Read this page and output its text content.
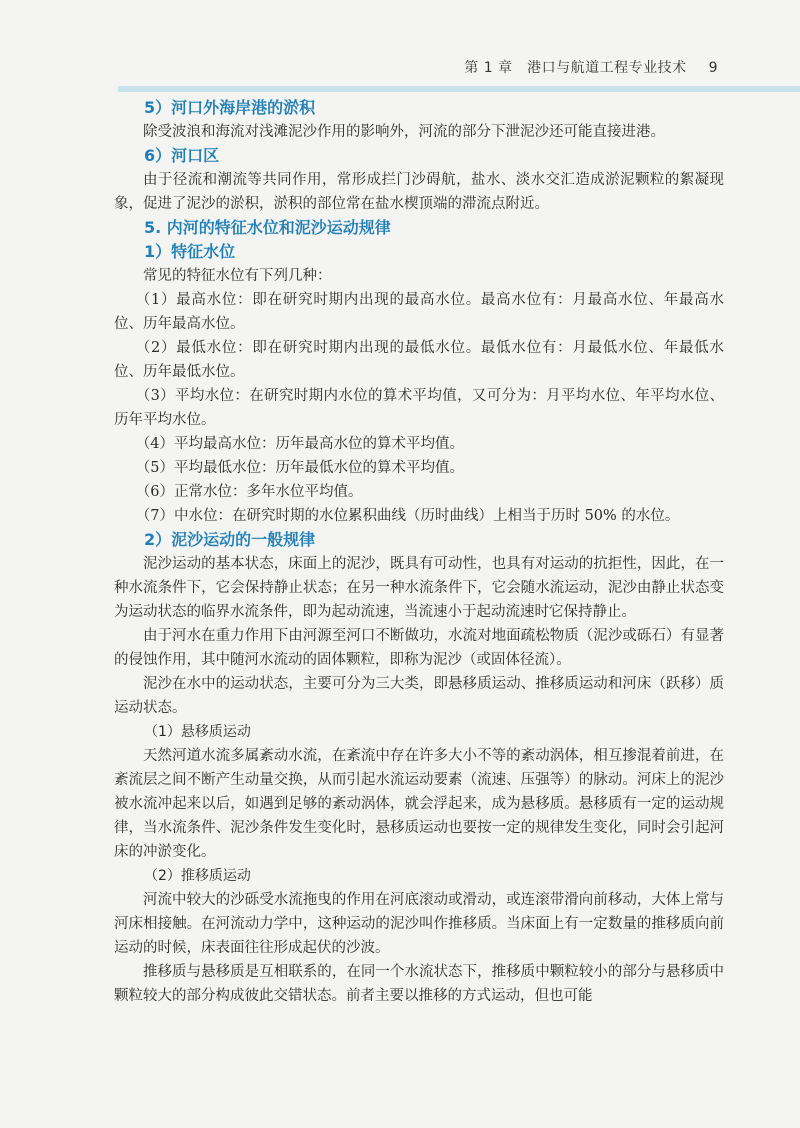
第 1 章　港口与航道工程专业技术 9
5）河口外海岸港的淤积

除受波浪和海流对浅滩泥沙作用的影响外，河流的部分下泄泥沙还可能直接进港。

6）河口区

由于径流和潮流等共同作用，常形成拦门沙碍航，盐水、淡水交汇造成淤泥颗粒的絮凝现象，促进了泥沙的淤积，淤积的部位常在盐水楔顶端的滞流点附近。

5. 内河的特征水位和泥沙运动规律
1）特征水位

常见的特征水位有下列几种：

（1）最高水位：即在研究时期内出现的最高水位。最高水位有：月最高水位、年最高水位、历年最高水位。

（2）最低水位：即在研究时期内出现的最低水位。最低水位有：月最低水位、年最低水位、历年最低水位。

（3）平均水位：在研究时期内水位的算术平均值，又可分为：月平均水位、年平均水位、历年平均水位。

（4）平均最高水位：历年最高水位的算术平均值。

（5）平均最低水位：历年最低水位的算术平均值。

（6）正常水位：多年水位平均值。

（7）中水位：在研究时期的水位累积曲线（历时曲线）上相当于历时 50% 的水位。

2）泥沙运动的一般规律

泥沙运动的基本状态，床面上的泥沙，既具有可动性，也具有对运动的抗拒性，因此，在一种水流条件下，它会保持静止状态；在另一种水流条件下，它会随水流运动，泥沙由静止状态变为运动状态的临界水流条件，即为起动流速，当流速小于起动流速时它保持静止。

由于河水在重力作用下由河源至河口不断做功，水流对地面疏松物质（泥沙或砾石）有显著的侵蚀作用，其中随河水流动的固体颗粒，即称为泥沙（或固体径流）。

泥沙在水中的运动状态，主要可分为三大类，即悬移质运动、推移质运动和河床（跃移）质运动状态。

（1）悬移质运动

天然河道水流多属紊动水流，在紊流中存在许多大小不等的紊动涡体，相互掺混着前进，在紊流层之间不断产生动量交换，从而引起水流运动要素（流速、压强等）的脉动。河床上的泥沙被水流冲起来以后，如遇到足够的紊动涡体，就会浮起来，成为悬移质。悬移质有一定的运动规律，当水流条件、泥沙条件发生变化时，悬移质运动也要按一定的规律发生变化，同时会引起河床的冲淤变化。

（2）推移质运动

河流中较大的沙砾受水流拖曳的作用在河底滚动或滑动，或连滚带滑向前移动，大体上常与河床相接触。在河流动力学中，这种运动的泥沙叫作推移质。当床面上有一定数量的推移质向前运动的时候，床表面往往形成起伏的沙波。

推移质与悬移质是互相联系的，在同一个水流状态下，推移质中颗粒较小的部分与悬移质中颗粒较大的部分构成彼此交错状态。前者主要以推移的方式运动，但也可能
